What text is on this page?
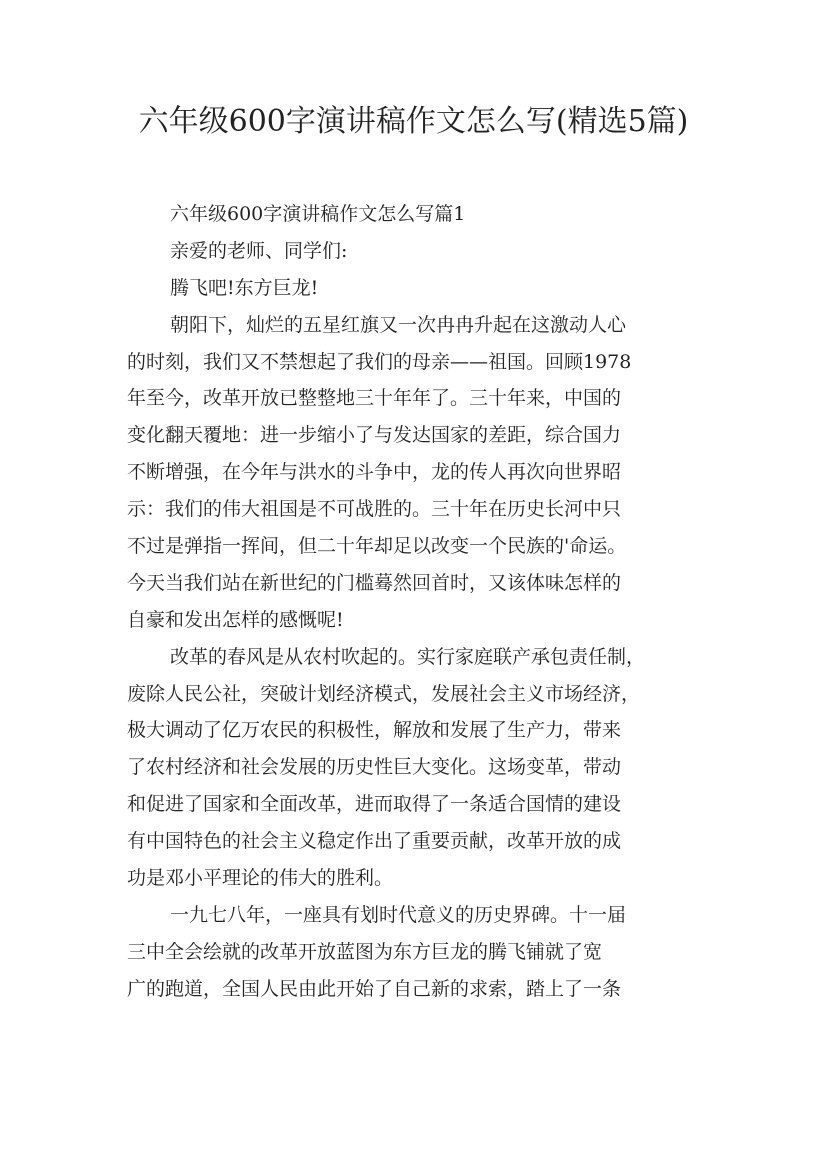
六年级600字演讲稿作文怎么写(精选5篇)
六年级600字演讲稿作文怎么写篇1
亲爱的老师、同学们:
腾飞吧!东方巨龙!
朝阳下，灿烂的五星红旗又一次冉冉升起在这激动人心
的时刻，我们又不禁想起了我们的母亲——祖国。回顾1978
年至今，改革开放已整整地三十年年了。三十年来，中国的
变化翻天覆地：进一步缩小了与发达国家的差距，综合国力
不断增强，在今年与洪水的斗争中，龙的传人再次向世界昭
示：我们的伟大祖国是不可战胜的。三十年在历史长河中只
不过是弹指一挥间，但二十年却足以改变一个民族的'命运。
今天当我们站在新世纪的门槛蓦然回首时，又该体味怎样的
自豪和发出怎样的感慨呢!
改革的春风是从农村吹起的。实行家庭联产承包责任制，
废除人民公社，突破计划经济模式，发展社会主义市场经济，
极大调动了亿万农民的积极性，解放和发展了生产力，带来
了农村经济和社会发展的历史性巨大变化。这场变革，带动
和促进了国家和全面改革，进而取得了一条适合国情的建设
有中国特色的社会主义稳定作出了重要贡献，改革开放的成
功是邓小平理论的伟大的胜利。
一九七八年，一座具有划时代意义的历史界碑。十一届
三中全会绘就的改革开放蓝图为东方巨龙的腾飞铺就了宽
广的跑道，全国人民由此开始了自己新的求索，踏上了一条
